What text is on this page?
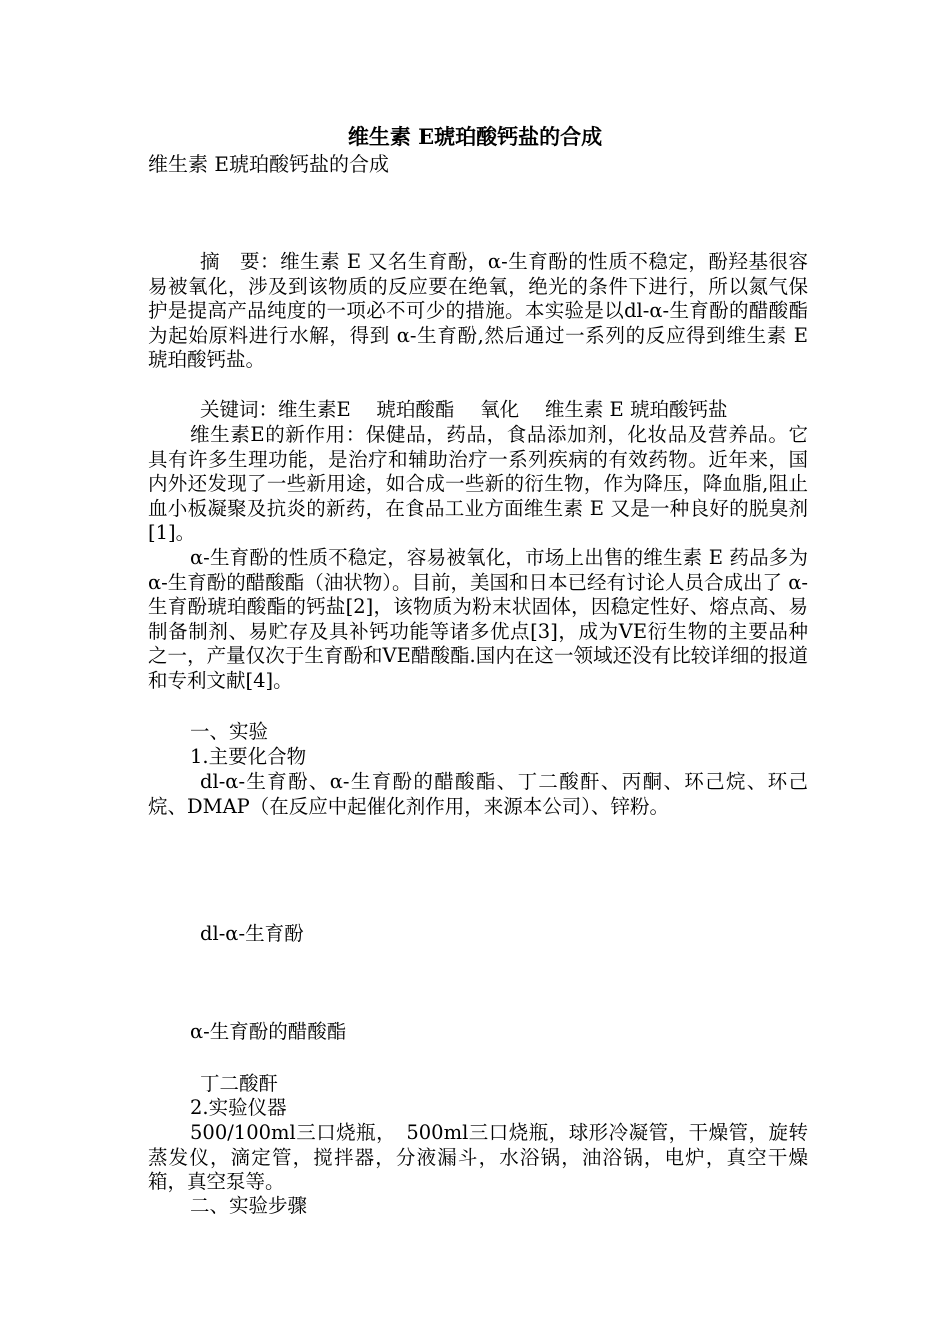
维生素 E琥珀酸钙盐的合成
维生素 E琥珀酸钙盐的合成
摘　要：维生素 E 又名生育酚，α-生育酚的性质不稳定，酚羟基很容易被氧化，涉及到该物质的反应要在绝氧，绝光的条件下进行，所以氮气保护是提高产品纯度的一项必不可少的措施。本实验是以dl-α-生育酚的醋酸酯为起始原料进行水解，得到 α-生育酚,然后通过一系列的反应得到维生素 E 琥珀酸钙盐。
关键词：维生素E　 琥珀酸酯　 氧化　 维生素 E 琥珀酸钙盐
维生素E的新作用：保健品，药品，食品添加剂，化妆品及营养品。它具有许多生理功能，是治疗和辅助治疗一系列疾病的有效药物。近年来，国内外还发现了一些新用途，如合成一些新的衍生物，作为降压，降血脂,阻止血小板凝聚及抗炎的新药，在食品工业方面维生素 E 又是一种良好的脱臭剂[1]。
α-生育酚的性质不稳定，容易被氧化，市场上出售的维生素 E 药品多为 α-生育酚的醋酸酯（油状物）。目前，美国和日本已经有讨论人员合成出了 α-生育酚琥珀酸酯的钙盐[2]，该物质为粉末状固体，因稳定性好、熔点高、易制备制剂、易贮存及具补钙功能等诸多优点[3]，成为VE衍生物的主要品种之一，产量仅次于生育酚和VE醋酸酯.国内在这一领域还没有比较详细的报道和专利文献[4]。
一、实验
1.主要化合物
dl-α-生育酚、α-生育酚的醋酸酯、丁二酸酐、丙酮、环己烷、环己烷、DMAP（在反应中起催化剂作用，来源本公司）、锌粉。
dl-α-生育酚
α-生育酚的醋酸酯
丁二酸酐
2.实验仪器
500/100ml三口烧瓶，　500ml三口烧瓶，球形冷凝管，干燥管，旋转蒸发仪，滴定管，搅拌器，分液漏斗，水浴锅，油浴锅，电炉，真空干燥箱，真空泵等。
二、实验步骤
